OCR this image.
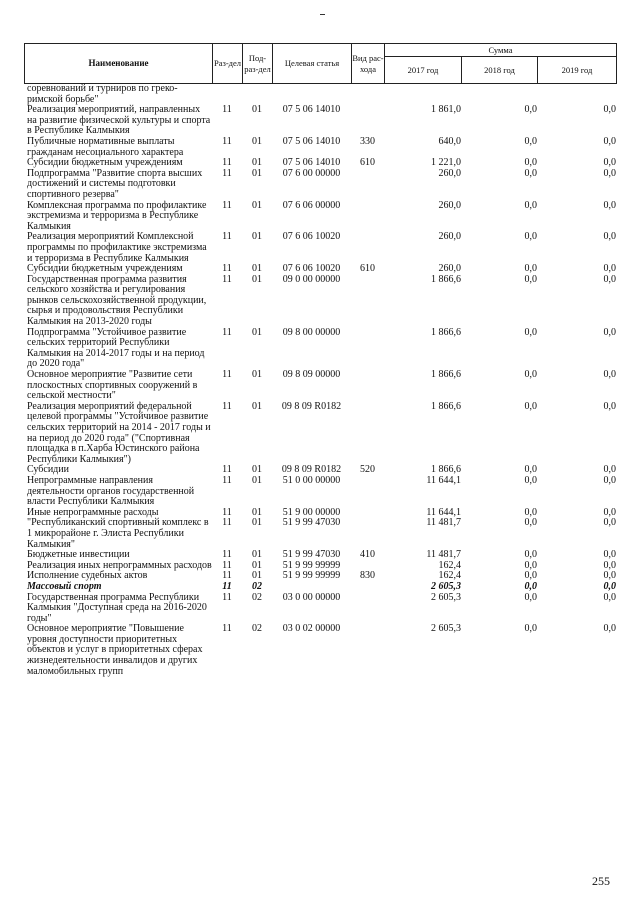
Наименование	Раз-дел	Под-раз-дел	Целевая статья	Вид рас-хода	Сумма		
					2017 год	2018 год	2019 год
соревнований и турниров по греко-римской борьбе"							
Реализация мероприятий, направленных на развитие физической культуры и спорта в Республике Калмыкия	11	01	07 5 06 14010		1 861,0	0,0	0,0
Публичные нормативные выплаты гражданам несоциального характера	11	01	07 5 06 14010	330	640,0	0,0	0,0
Субсидии бюджетным учреждениям	11	01	07 5 06 14010	610	1 221,0	0,0	0,0
Подпрограмма "Развитие спорта высших достижений и системы подготовки спортивного резерва"	11	01	07 6 00 00000		260,0	0,0	0,0
Комплексная программа по профилактике экстремизма и терроризма в Республике Калмыкия	11	01	07 6 06 00000		260,0	0,0	0,0
Реализация мероприятий Комплексной программы по профилактике экстремизма и терроризма в Республике Калмыкия	11	01	07 6 06 10020		260,0	0,0	0,0
Субсидии бюджетным учреждениям	11	01	07 6 06 10020	610	260,0	0,0	0,0
Государственная программа развития сельского хозяйства и регулирования рынков сельскохозяйственной продукции, сырья и продовольствия Республики Калмыкия на 2013-2020 годы	11	01	09 0 00 00000		1 866,6	0,0	0,0
Подпрограмма "Устойчивое развитие сельских территорий Республики Калмыкия на 2014-2017 годы и на период до 2020 года"	11	01	09 8 00 00000		1 866,6	0,0	0,0
Основное мероприятие "Развитие сети плоскостных спортивных сооружений в сельской местности"	11	01	09 8 09 00000		1 866,6	0,0	0,0
Реализация мероприятий федеральной целевой программы "Устойчивое развитие сельских территорий на 2014 - 2017 годы и на период до 2020 года" ("Спортивная площадка в п.Харба Юстинского района Республики Калмыкия")	11	01	09 8 09 R0182		1 866,6	0,0	0,0
Субсидии	11	01	09 8 09 R0182	520	1 866,6	0,0	0,0
Непрограммные направления деятельности органов государственной власти Республики Калмыкия	11	01	51 0 00 00000		11 644,1	0,0	0,0
Иные непрограммные расходы	11	01	51 9 00 00000		11 644,1	0,0	0,0
"Республиканский спортивный комплекс в 1 микрорайоне г. Элиста Республики Калмыкия"	11	01	51 9 99 47030		11 481,7	0,0	0,0
Бюджетные инвестиции	11	01	51 9 99 47030	410	11 481,7	0,0	0,0
Реализация иных непрограммных расходов	11	01	51 9 99 99999		162,4	0,0	0,0
Исполнение судебных актов	11	01	51 9 99 99999	830	162,4	0,0	0,0
Массовый спорт	11	02			2 605,3	0,0	0,0
Государственная программа Республики Калмыкия "Доступная среда на 2016-2020 годы"	11	02	03 0 00 00000		2 605,3	0,0	0,0
Основное мероприятие "Повышение уровня доступности приоритетных объектов и услуг в приоритетных сферах жизнедеятельности инвалидов и других маломобильных групп	11	02	03 0 02 00000		2 605,3	0,0	0,0
255
